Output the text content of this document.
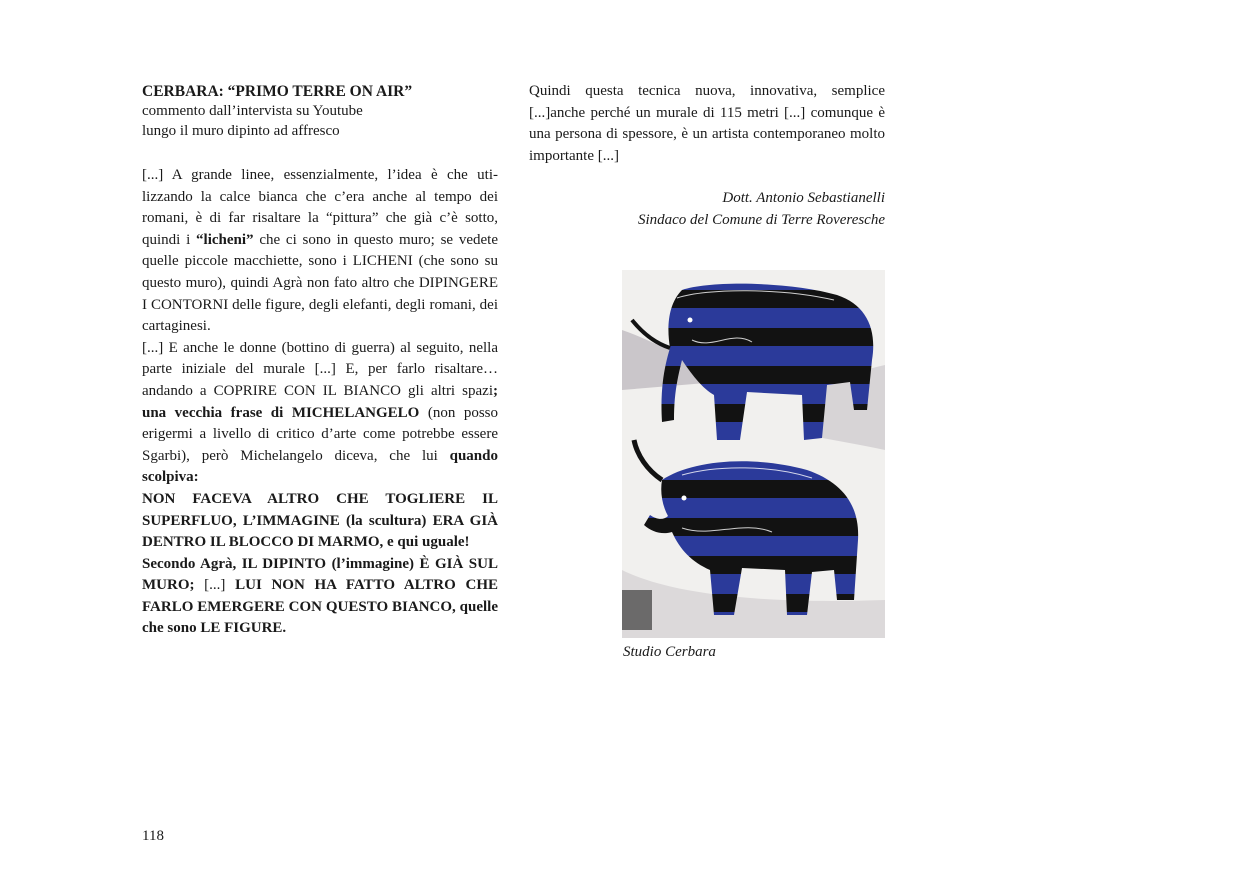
CERBARA: “PRIMO TERRE ON AIR”
commento dall’intervista su Youtube
lungo il muro dipinto ad affresco

[...] A grande linee, essenzialmente, l’idea è che utilizzando la calce bianca che c’era anche al tempo dei romani, è di far risaltare la “pittura” che già c’è sotto, quindi i “licheni” che ci sono in questo muro; se vedete quelle piccole macchiette, sono i LICHENI (che sono su questo muro), quindi Agrà non fato altro che DIPINGERE I CONTORNI delle figure, degli elefanti, degli romani, dei cartaginesi.

[...] E anche le donne (bottino di guerra) al seguito, nella parte iniziale del murale [...] E, per farlo risaltare… andando a COPRIRE CON IL BIANCO gli altri spazi; una vecchia frase di MICHELANGELO (non posso erigermi a livello di critico d’arte come potrebbe essere Sgarbi), però Michelangelo diceva, che lui quando scolpiva:

NON FACEVA ALTRO CHE TOGLIERE IL SUPERFLUO, L’IMMAGINE (la scultura) ERA GIÀ DENTRO IL BLOCCO DI MARMO, e qui uguale!

Secondo Agrà, IL DIPINTO (l’immagine) È GIÀ SUL MURO; [...] LUI NON HA FATTO ALTRO CHE FARLO EMERGERE CON QUESTO BIANCO, quelle che sono LE FIGURE.

Quindi questa tecnica nuova, innovativa, semplice [...]anche perché un murale di 115 metri [...] comunque è una persona di spessore, è un artista contemporaneo molto importante [...]

Dott. Antonio Sebastianelli
Sindaco del Comune di Terre Roveresche
Studio Cerbara
118
